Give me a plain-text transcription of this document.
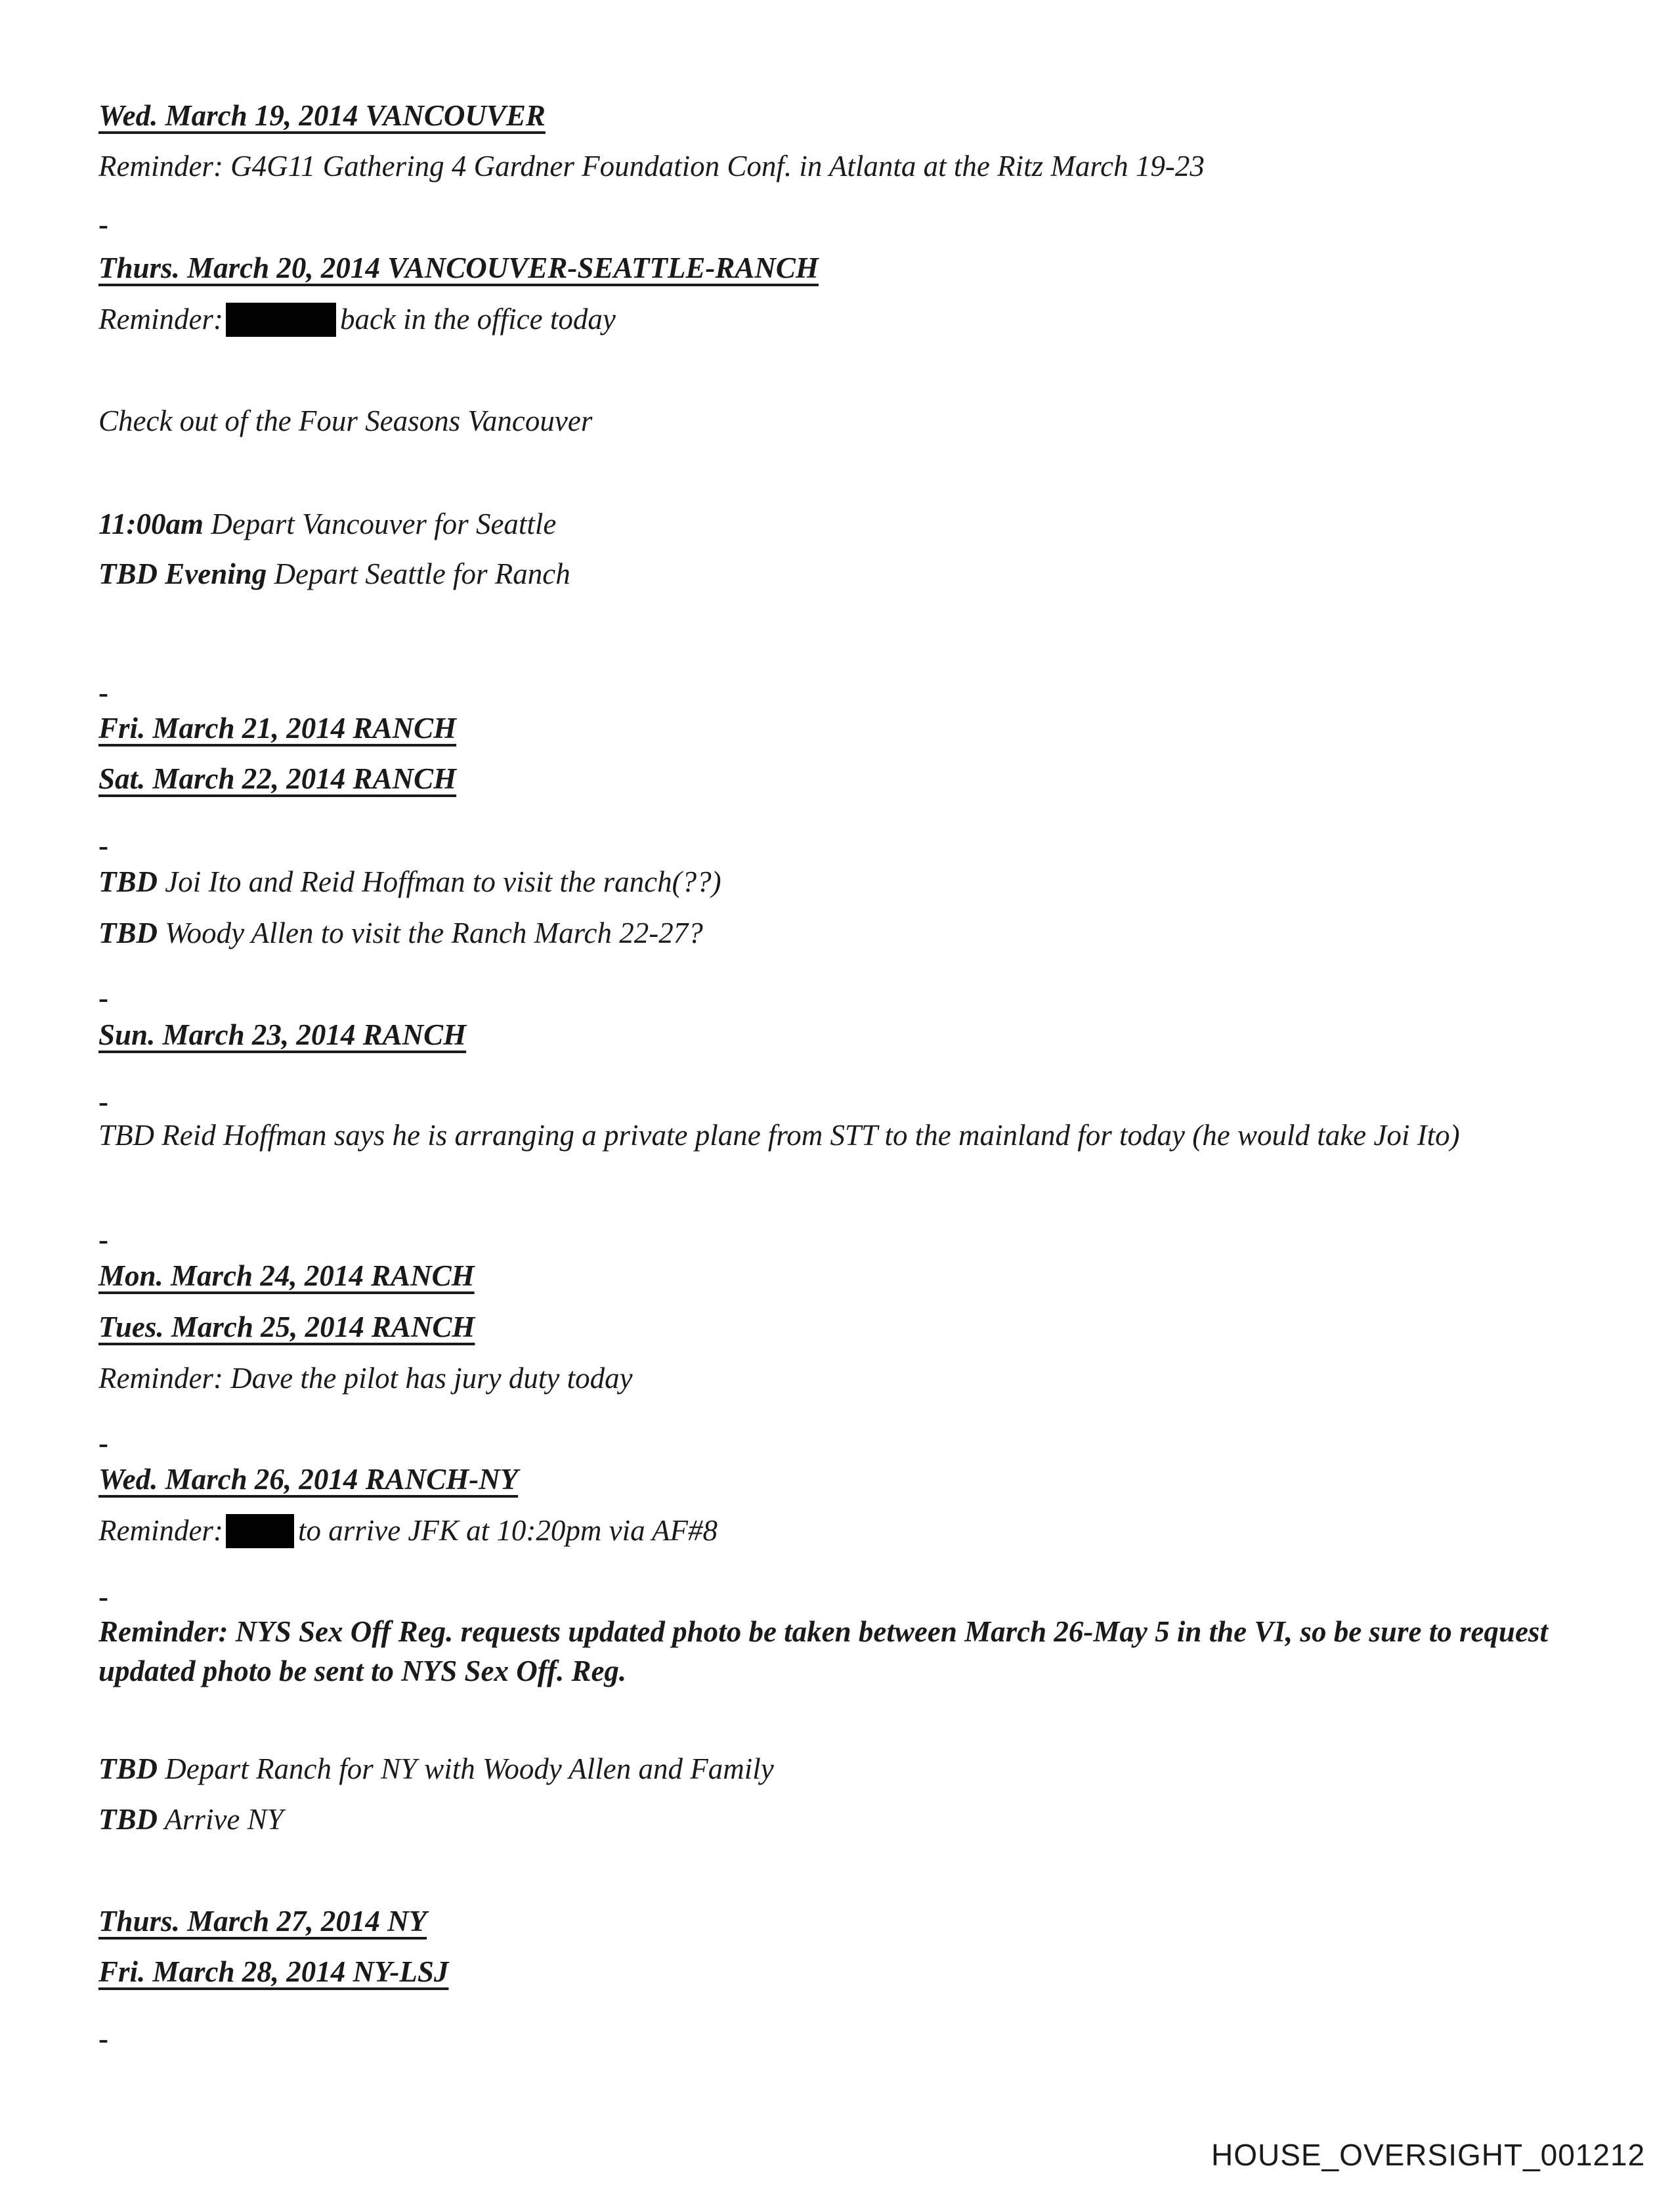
Wed. March 19, 2014 VANCOUVER
Reminder: G4G11 Gathering 4 Gardner Foundation Conf. in Atlanta at the Ritz March 19-23
-
Thurs. March 20, 2014 VANCOUVER-SEATTLE-RANCH
Reminder:	back in the office today
Check out of the Four Seasons Vancouver
11:00am Depart Vancouver for Seattle
TBD Evening Depart Seattle for Ranch
-
Fri. March 21, 2014 RANCH
Sat. March 22, 2014 RANCH
-
TBD Joi Ito and Reid Hoffman to visit the ranch(??)
TBD Woody Allen to visit the Ranch March 22-27?
-
Sun. March 23, 2014 RANCH
-
TBD Reid Hoffman says he is arranging a private plane from STT to the mainland for today (he would take Joi Ito)
-
Mon. March 24, 2014 RANCH
Tues. March 25, 2014 RANCH
Reminder: Dave the pilot has jury duty today
-
Wed. March 26, 2014 RANCH-NY
Reminder:	to arrive JFK at 10:20pm via AF#8
-
Reminder: NYS Sex Off Reg. requests updated photo be taken between March 26-May 5 in the VI, so be sure to request updated photo be sent to NYS Sex Off. Reg.
TBD Depart Ranch for NY with Woody Allen and Family
TBD Arrive NY
Thurs. March 27, 2014 NY
Fri. March 28, 2014 NY-LSJ
-
HOUSE_OVERSIGHT_001212
